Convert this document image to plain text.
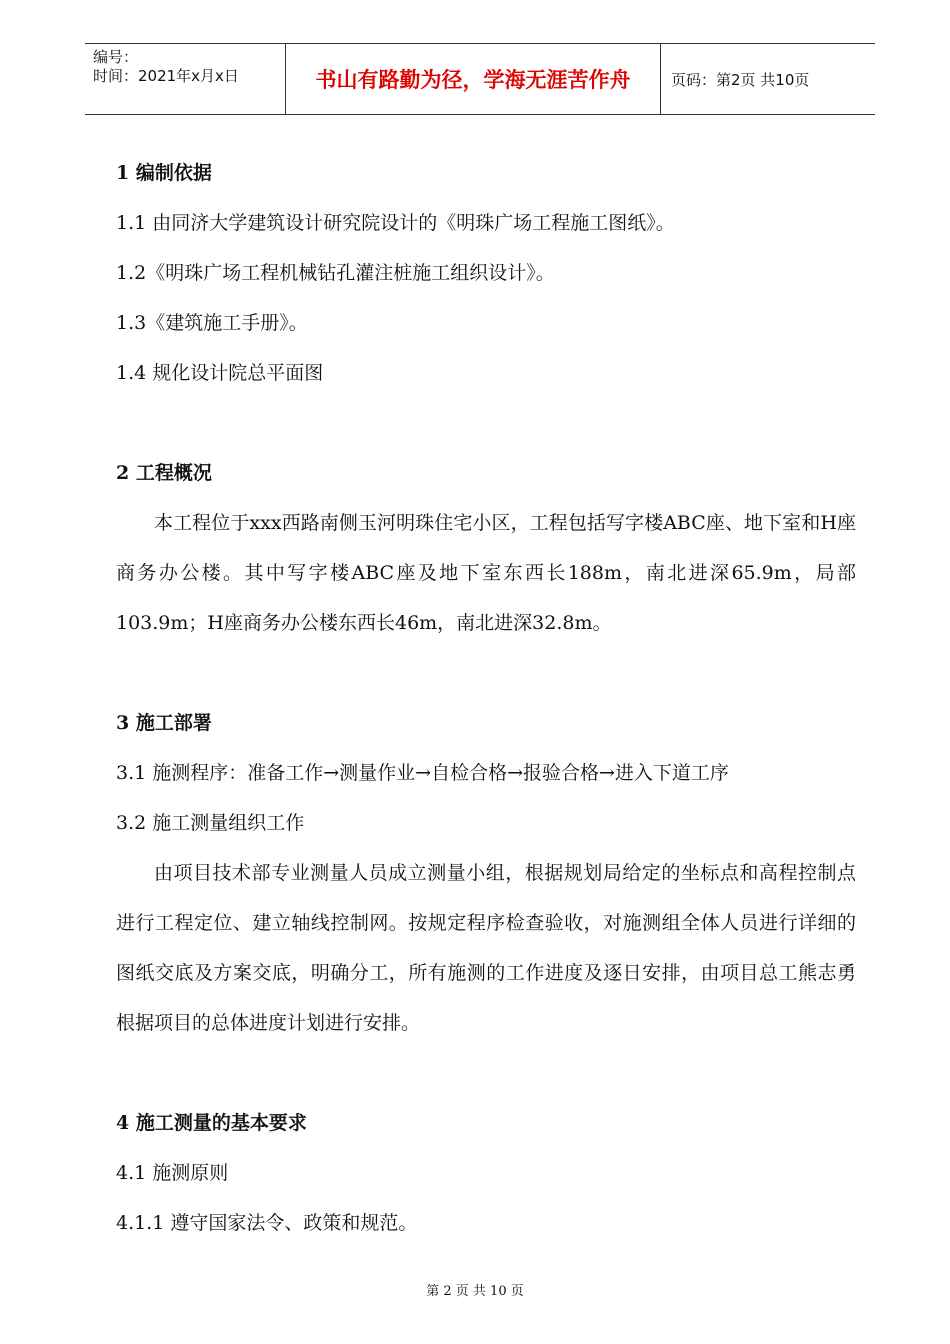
编号：
时间：2021年x月x日	书山有路勤为径，学海无涯苦作舟	页码：第2页 共10页

1 编制依据

1.1 由同济大学建筑设计研究院设计的《明珠广场工程施工图纸》。

1.2《明珠广场工程机械钻孔灌注桩施工组织设计》。

1.3《建筑施工手册》。

1.4 规化设计院总平面图

2 工程概况

本工程位于xxx西路南侧玉河明珠住宅小区，工程包括写字楼ABC座、地下室和H座商务办公楼。其中写字楼ABC座及地下室东西长188m，南北进深65.9m，局部103.9m；H座商务办公楼东西长46m，南北进深32.8m。

3 施工部署

3.1 施测程序：准备工作→测量作业→自检合格→报验合格→进入下道工序

3.2 施工测量组织工作

由项目技术部专业测量人员成立测量小组，根据规划局给定的坐标点和高程控制点进行工程定位、建立轴线控制网。按规定程序检查验收，对施测组全体人员进行详细的图纸交底及方案交底，明确分工，所有施测的工作进度及逐日安排，由项目总工熊志勇根据项目的总体进度计划进行安排。

4 施工测量的基本要求

4.1 施测原则

4.1.1 遵守国家法令、政策和规范。

第 2 页 共 10 页
